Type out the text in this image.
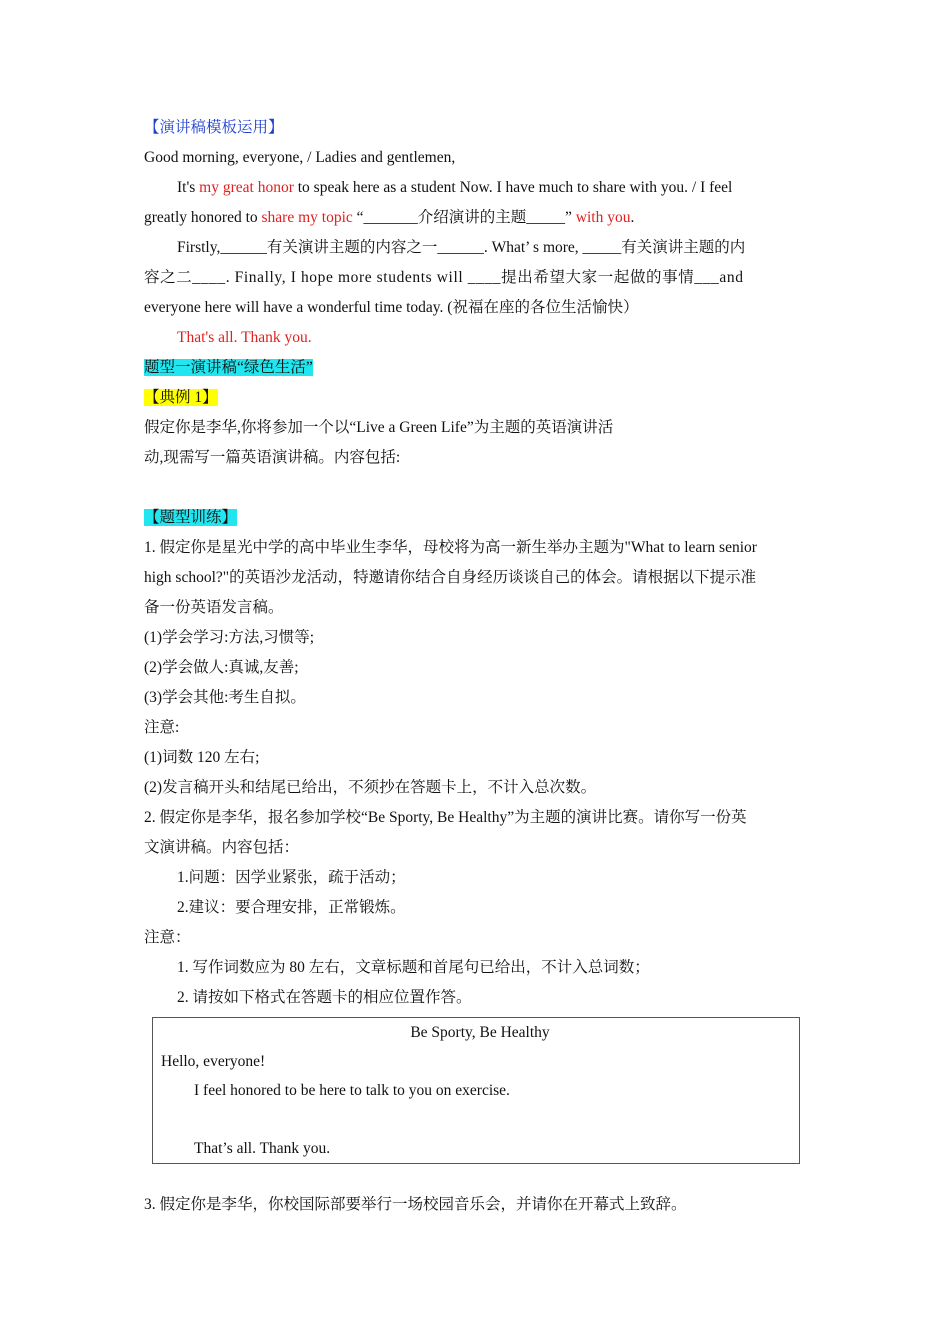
【演讲稿模板运用】
Good morning, everyone, / Ladies and gentlemen,
It's my great honor to speak here as a student Now. I have much to share with you. / I feel
greatly honored to share my topic “_______介绍演讲的主题_____” with you.
Firstly,______有关演讲主题的内容之一______. What’ s more, _____有关演讲主题的内
容之二____. Finally, I hope more students will ____提出希望大家一起做的事情___and
everyone here will have a wonderful time today. (祝福在座的各位生活愉快）
That's all. Thank you.
题型一演讲稿“绿色生活”
【典例 1】
假定你是李华,你将参加一个以“Live a Green Life”为主题的英语演讲活
动,现需写一篇英语演讲稿。内容包括:
【题型训练】
1. 假定你是星光中学的高中毕业生李华，母校将为高一新生举办主题为"What to learn senior
high school?"的英语沙龙活动，特邀请你结合自身经历谈谈自己的体会。请根据以下提示准
备一份英语发言稿。
(1)学会学习:方法,习惯等;
(2)学会做人:真诚,友善;
(3)学会其他:考生自拟。
注意:
(1)词数 120 左右;
(2)发言稿开头和结尾已给出，不须抄在答题卡上，不计入总次数。
2. 假定你是李华，报名参加学校“Be Sporty, Be Healthy”为主题的演讲比赛。请你写一份英
文演讲稿。内容包括：
1.问题：因学业紧张，疏于活动；
2.建议：要合理安排，正常锻炼。
注意：
1. 写作词数应为 80 左右，文章标题和首尾句已给出，不计入总词数；
2. 请按如下格式在答题卡的相应位置作答。
Be Sporty, Be Healthy
Hello, everyone!
I feel honored to be here to talk to you on exercise.
That’s all. Thank you.
3. 假定你是李华，你校国际部要举行一场校园音乐会，并请你在开幕式上致辞。
